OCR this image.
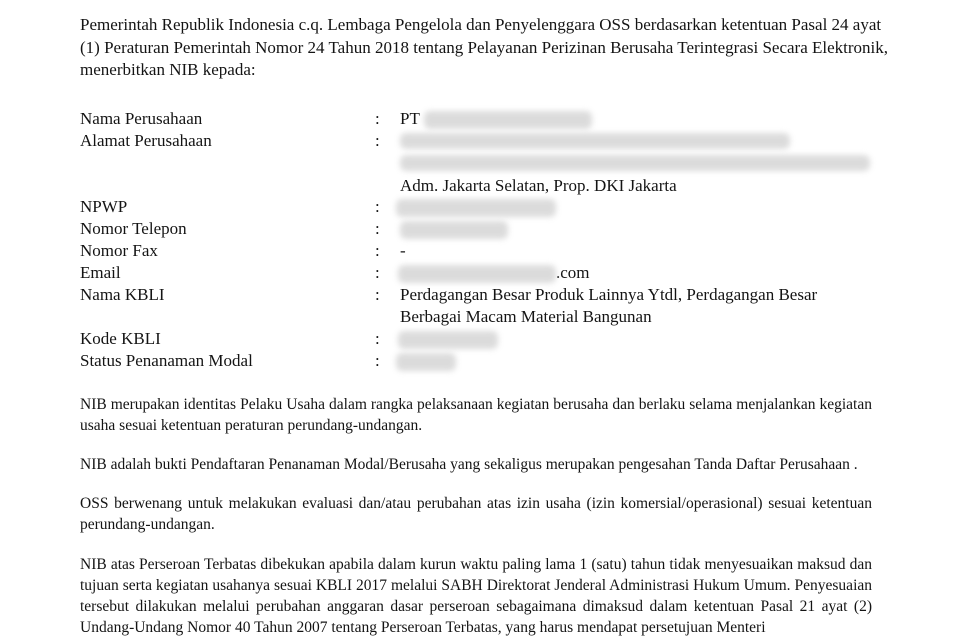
Pemerintah Republik Indonesia c.q. Lembaga Pengelola dan Penyelenggara OSS berdasarkan ketentuan Pasal 24 ayat (1) Peraturan Pemerintah Nomor 24 Tahun 2018 tentang Pelayanan Perizinan Berusaha Terintegrasi Secara Elektronik, menerbitkan NIB kepada:

Nama Perusahaan	: PT
Alamat Perusahaan	:
Adm. Jakarta Selatan, Prop. DKI Jakarta
NPWP	:
Nomor Telepon	:
Nomor Fax	: -
Email	:	.com
Nama KBLI	: Perdagangan Besar Produk Lainnya Ytdl, Perdagangan Besar Berbagai Macam Material Bangunan
Kode KBLI	:
Status Penanaman Modal	:

NIB merupakan identitas Pelaku Usaha dalam rangka pelaksanaan kegiatan berusaha dan berlaku selama menjalankan kegiatan usaha sesuai ketentuan peraturan perundang-undangan.

NIB adalah bukti Pendaftaran Penanaman Modal/Berusaha yang sekaligus merupakan pengesahan Tanda Daftar Perusahaan .

OSS berwenang untuk melakukan evaluasi dan/atau perubahan atas izin usaha (izin komersial/operasional) sesuai ketentuan perundang-undangan.

NIB atas Perseroan Terbatas dibekukan apabila dalam kurun waktu paling lama 1 (satu) tahun tidak menyesuaikan maksud dan tujuan serta kegiatan usahanya sesuai KBLI 2017 melalui SABH Direktorat Jenderal Administrasi Hukum Umum. Penyesuaian tersebut dilakukan melalui perubahan anggaran dasar perseroan sebagaimana dimaksud dalam ketentuan Pasal 21 ayat (2) Undang-Undang Nomor 40 Tahun 2007 tentang Perseroan Terbatas, yang harus mendapat persetujuan Menteri
